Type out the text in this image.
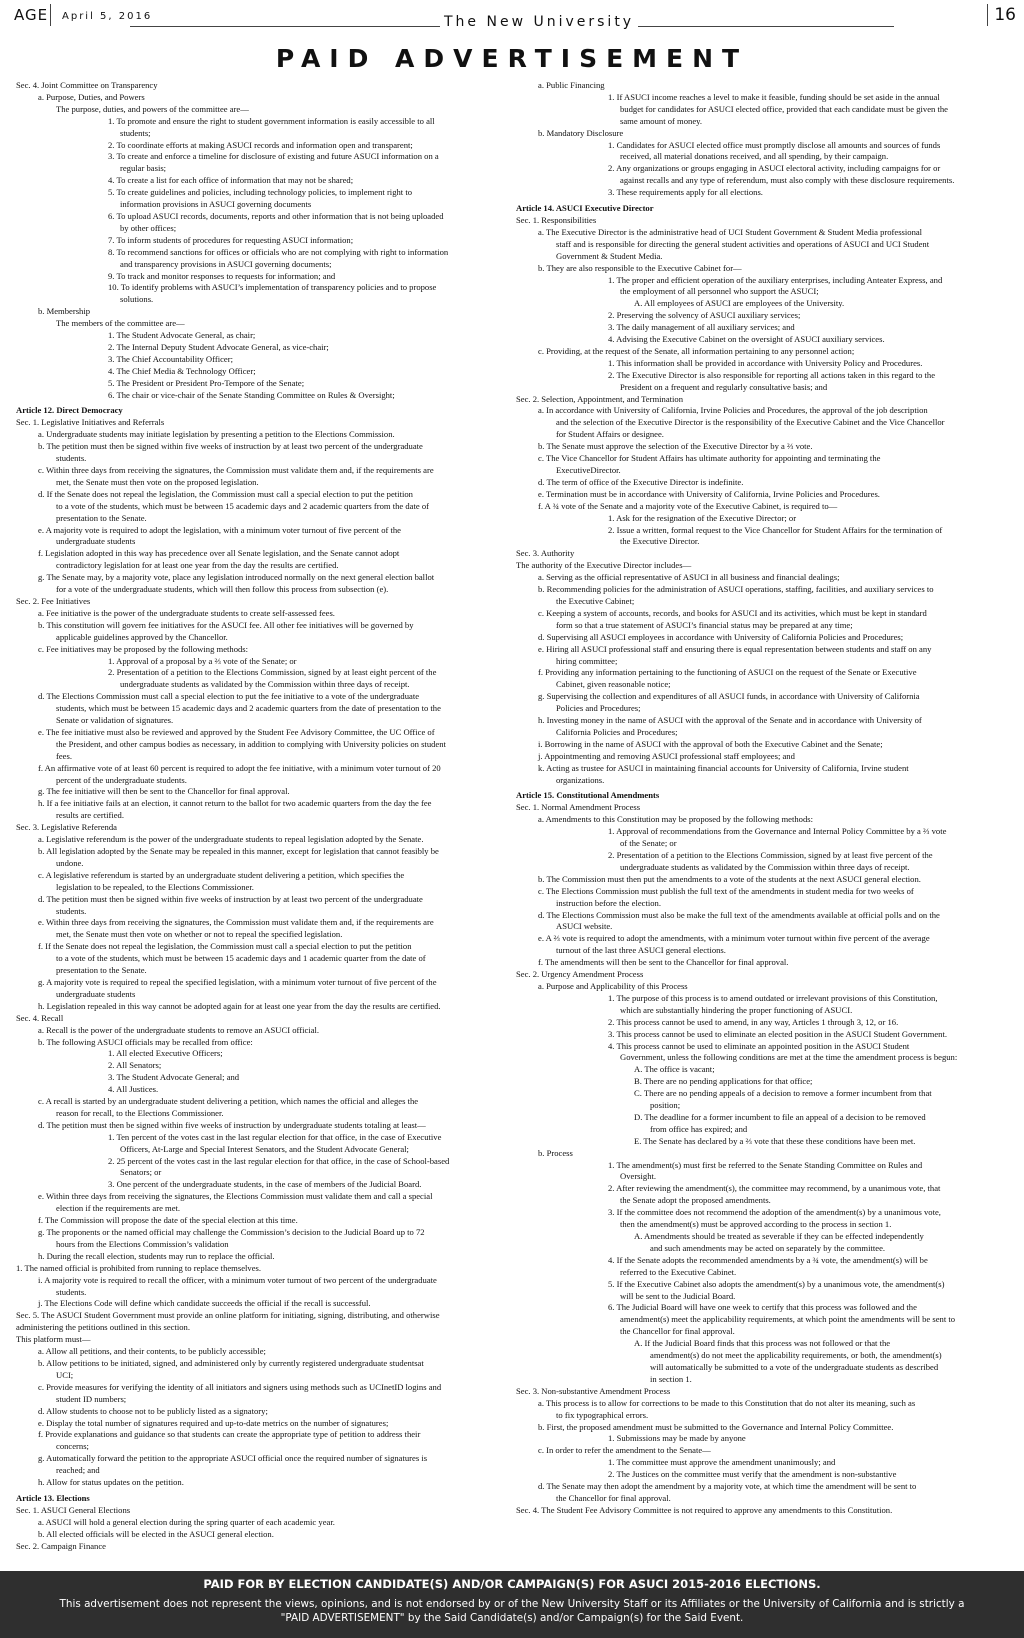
AGE April 5, 2016	The New University	16
PAID ADVERTISEMENT
Sec. 4. Joint Committee on Transparency
a. Purpose, Duties, and Powers
The purpose, duties, and powers of the committee are—
1. To promote and ensure the right to student government information is easily accessible to all
students;
2. To coordinate efforts at making ASUCI records and information open and transparent;
3. To create and enforce a timeline for disclosure of existing and future ASUCI information on a
regular basis;
4. To create a list for each office of information that may not be shared;
5. To create guidelines and policies, including technology policies, to implement right to
information provisions in ASUCI governing documents
6. To upload ASUCI records, documents, reports and other information that is not being uploaded
by other offices;
7. To inform students of procedures for requesting ASUCI information;
8. To recommend sanctions for offices or officials who are not complying with right to information
and transparency provisions in ASUCI governing documents;
9. To track and monitor responses to requests for information; and
10. To identify problems with ASUCI’s implementation of transparency policies and to propose
solutions.
b. Membership
The members of the committee are—
1. The Student Advocate General, as chair;
2. The Internal Deputy Student Advocate General, as vice-chair;
3. The Chief Accountability Officer;
4. The Chief Media & Technology Officer;
5. The President or President Pro-Tempore of the Senate;
6. The chair or vice-chair of the Senate Standing Committee on Rules & Oversight;
Article 12. Direct Democracy
Sec. 1. Legislative Initiatives and Referrals
a. Undergraduate students may initiate legislation by presenting a petition to the Elections Commission.
b. The petition must then be signed within five weeks of instruction by at least two percent of the undergraduate
students.
c. Within three days from receiving the signatures, the Commission must validate them and, if the requirements are
met, the Senate must then vote on the proposed legislation.
d. If the Senate does not repeal the legislation, the Commission must call a special election to put the petition
to a vote of the students, which must be between 15 academic days and 2 academic quarters from the date of
presentation to the Senate.
e. A majority vote is required to adopt the legislation, with a minimum voter turnout of five percent of the
undergraduate students
f. Legislation adopted in this way has precedence over all Senate legislation, and the Senate cannot adopt
contradictory legislation for at least one year from the day the results are certified.
g. The Senate may, by a majority vote, place any legislation introduced normally on the next general election ballot
for a vote of the undergraduate students, which will then follow this process from subsection (e).
Sec. 2. Fee Initiatives
a. Fee initiative is the power of the undergraduate students to create self-assessed fees.
b. This constitution will govern fee initiatives for the ASUCI fee. All other fee initiatives will be governed by
applicable guidelines approved by the Chancellor.
c. Fee initiatives may be proposed by the following methods:
1. Approval of a proposal by a ⅔ vote of the Senate; or
2. Presentation of a petition to the Elections Commission, signed by at least eight percent of the
undergraduate students as validated by the Commission within three days of receipt.
d. The Elections Commission must call a special election to put the fee initiative to a vote of the undergraduate
students, which must be between 15 academic days and 2 academic quarters from the date of presentation to the
Senate or validation of signatures.
e. The fee initiative must also be reviewed and approved by the Student Fee Advisory Committee, the UC Office of
the President, and other campus bodies as necessary, in addition to complying with University policies on student
fees.
f. An affirmative vote of at least 60 percent is required to adopt the fee initiative, with a minimum voter turnout of 20
percent of the undergraduate students.
g. The fee initiative will then be sent to the Chancellor for final approval.
h. If a fee initiative fails at an election, it cannot return to the ballot for two academic quarters from the day the fee
results are certified.
Sec. 3. Legislative Referenda
a. Legislative referendum is the power of the undergraduate students to repeal legislation adopted by the Senate.
b. All legislation adopted by the Senate may be repealed in this manner, except for legislation that cannot feasibly be
undone.
c. A legislative referendum is started by an undergraduate student delivering a petition, which specifies the
legislation to be repealed, to the Elections Commissioner.
d. The petition must then be signed within five weeks of instruction by at least two percent of the undergraduate
students.
e. Within three days from receiving the signatures, the Commission must validate them and, if the requirements are
met, the Senate must then vote on whether or not to repeal the specified legislation.
f. If the Senate does not repeal the legislation, the Commission must call a special election to put the petition
to a vote of the students, which must be between 15 academic days and 1 academic quarter from the date of
presentation to the Senate.
g. A majority vote is required to repeal the specified legislation, with a minimum voter turnout of five percent of the
undergraduate students
h. Legislation repealed in this way cannot be adopted again for at least one year from the day the results are certified.
Sec. 4. Recall
a. Recall is the power of the undergraduate students to remove an ASUCI official.
b. The following ASUCI officials may be recalled from office:
1. All elected Executive Officers;
2. All Senators;
3. The Student Advocate General; and
4. All Justices.
c. A recall is started by an undergraduate student delivering a petition, which names the official and alleges the
reason for recall, to the Elections Commissioner.
d. The petition must then be signed within five weeks of instruction by undergraduate students totaling at least—
1. Ten percent of the votes cast in the last regular election for that office, in the case of Executive
Officers, At-Large and Special Interest Senators, and the Student Advocate General;
2. 25 percent of the votes cast in the last regular election for that office, in the case of School-based
Senators; or
3. One percent of the undergraduate students, in the case of members of the Judicial Board.
e. Within three days from receiving the signatures, the Elections Commission must validate them and call a special
election if the requirements are met.
f. The Commission will propose the date of the special election at this time.
g. The proponents or the named official may challenge the Commission’s decision to the Judicial Board up to 72
hours from the Elections Commission’s validation
h. During the recall election, students may run to replace the official.
1. The named official is prohibited from running to replace themselves.
i. A majority vote is required to recall the officer, with a minimum voter turnout of two percent of the undergraduate
students.
j. The Elections Code will define which candidate succeeds the official if the recall is successful.
Sec. 5. The ASUCI Student Government must provide an online platform for initiating, signing, distributing, and otherwise
administering the petitions outlined in this section.
This platform must—
a. Allow all petitions, and their contents, to be publicly accessible;
b. Allow petitions to be initiated, signed, and administered only by currently registered undergraduate studentsat
UCI;
c. Provide measures for verifying the identity of all initiators and signers using methods such as UCInetID logins and
student ID numbers;
d. Allow students to choose not to be publicly listed as a signatory;
e. Display the total number of signatures required and up-to-date metrics on the number of signatures;
f. Provide explanations and guidance so that students can create the appropriate type of petition to address their
concerns;
g. Automatically forward the petition to the appropriate ASUCI official once the required number of signatures is
reached; and
h. Allow for status updates on the petition.
Article 13. Elections
Sec. 1. ASUCI General Elections
a. ASUCI will hold a general election during the spring quarter of each academic year.
b. All elected officials will be elected in the ASUCI general election.
Sec. 2. Campaign Finance
a. Public Financing
1. If ASUCI income reaches a level to make it feasible, funding should be set aside in the annual
budget for candidates for ASUCI elected office, provided that each candidate must be given the
same amount of money.
b. Mandatory Disclosure
1. Candidates for ASUCI elected office must promptly disclose all amounts and sources of funds
received, all material donations received, and all spending, by their campaign.
2. Any organizations or groups engaging in ASUCI electoral activity, including campaigns for or
against recalls and any type of referendum, must also comply with these disclosure requirements.
3. These requirements apply for all elections.
Article 14. ASUCI Executive Director
Sec. 1. Responsibilities
a. The Executive Director is the administrative head of UCI Student Government & Student Media professional
staff and is responsible for directing the general student activities and operations of ASUCI and UCI Student
Government & Student Media.
b. They are also responsible to the Executive Cabinet for—
1. The proper and efficient operation of the auxiliary enterprises, including Anteater Express, and
the employment of all personnel who support the ASUCI;
A. All employees of ASUCI are employees of the University.
2. Preserving the solvency of ASUCI auxiliary services;
3. The daily management of all auxiliary services; and
4. Advising the Executive Cabinet on the oversight of ASUCI auxiliary services.
c. Providing, at the request of the Senate, all information pertaining to any personnel action;
1. This information shall be provided in accordance with University Policy and Procedures.
2. The Executive Director is also responsible for reporting all actions taken in this regard to the
President on a frequent and regularly consultative basis; and
Sec. 2. Selection, Appointment, and Termination
a. In accordance with University of California, Irvine Policies and Procedures, the approval of the job description
and the selection of the Executive Director is the responsibility of the Executive Cabinet and the Vice Chancellor
for Student Affairs or designee.
b. The Senate must approve the selection of the Executive Director by a ⅔ vote.
c. The Vice Chancellor for Student Affairs has ultimate authority for appointing and terminating the
ExecutiveDirector.
d. The term of office of the Executive Director is indefinite.
e. Termination must be in accordance with University of California, Irvine Policies and Procedures.
f. A ¾ vote of the Senate and a majority vote of the Executive Cabinet, is required to—
1. Ask for the resignation of the Executive Director; or
2. Issue a written, formal request to the Vice Chancellor for Student Affairs for the termination of
the Executive Director.
Sec. 3. Authority
The authority of the Executive Director includes—
a. Serving as the official representative of ASUCI in all business and financial dealings;
b. Recommending policies for the administration of ASUCI operations, staffing, facilities, and auxiliary services to
the Executive Cabinet;
c. Keeping a system of accounts, records, and books for ASUCI and its activities, which must be kept in standard
form so that a true statement of ASUCI’s financial status may be prepared at any time;
d. Supervising all ASUCI employees in accordance with University of California Policies and Procedures;
e. Hiring all ASUCI professional staff and ensuring there is equal representation between students and staff on any
hiring committee;
f. Providing any information pertaining to the functioning of ASUCI on the request of the Senate or Executive
Cabinet, given reasonable notice;
g. Supervising the collection and expenditures of all ASUCI funds, in accordance with University of California
Policies and Procedures;
h. Investing money in the name of ASUCI with the approval of the Senate and in accordance with University of
California Policies and Procedures;
i. Borrowing in the name of ASUCI with the approval of both the Executive Cabinet and the Senate;
j. Appointmenting and removing ASUCI professional staff employees; and
k. Acting as trustee for ASUCI in maintaining financial accounts for University of California, Irvine student
organizations.
Article 15. Constitutional Amendments
Sec. 1. Normal Amendment Process
a. Amendments to this Constitution may be proposed by the following methods:
1. Approval of recommendations from the Governance and Internal Policy Committee by a ⅔ vote
of the Senate; or
2. Presentation of a petition to the Elections Commission, signed by at least five percent of the
undergraduate students as validated by the Commission within three days of receipt.
b. The Commission must then put the amendments to a vote of the students at the next ASUCI general election.
c. The Elections Commission must publish the full text of the amendments in student media for two weeks of
instruction before the election.
d. The Elections Commission must also be make the full text of the amendments available at official polls and on the
ASUCI website.
e. A ⅔ vote is required to adopt the amendments, with a minimum voter turnout within five percent of the average
turnout of the last three ASUCI general elections.
f. The amendments will then be sent to the Chancellor for final approval.
Sec. 2. Urgency Amendment Process
a. Purpose and Applicability of this Process
1. The purpose of this process is to amend outdated or irrelevant provisions of this Constitution,
which are substantially hindering the proper functioning of ASUCI.
2. This process cannot be used to amend, in any way, Articles 1 through 3, 12, or 16.
3. This process cannot be used to eliminate an elected position in the ASUCI Student Government.
4. This process cannot be used to eliminate an appointed position in the ASUCI Student
Government, unless the following conditions are met at the time the amendment process is begun:
A. The office is vacant;
B. There are no pending applications for that office;
C. There are no pending appeals of a decision to remove a former incumbent from that
position;
D. The deadline for a former incumbent to file an appeal of a decision to be removed
from office has expired; and
E. The Senate has declared by a ⅔ vote that these these conditions have been met.
b. Process
1. The amendment(s) must first be referred to the Senate Standing Committee on Rules and
Oversight.
2. After reviewing the amendment(s), the committee may recommend, by a unanimous vote, that
the Senate adopt the proposed amendments.
3. If the committee does not recommend the adoption of the amendment(s) by a unanimous vote,
then the amendment(s) must be approved according to the process in section 1.
A. Amendments should be treated as severable if they can be effected independently
and such amendments may be acted on separately by the committee.
4. If the Senate adopts the recommended amendments by a ¾ vote, the amendment(s) will be
referred to the Executive Cabinet.
5. If the Executive Cabinet also adopts the amendment(s) by a unanimous vote, the amendment(s)
will be sent to the Judicial Board.
6. The Judicial Board will have one week to certify that this process was followed and the
amendment(s) meet the applicability requirements, at which point the amendments will be sent to
the Chancellor for final approval.
A. If the Judicial Board finds that this process was not followed or that the
amendment(s) do not meet the applicability requirements, or both, the amendment(s)
will automatically be submitted to a vote of the undergraduate students as described
in section 1.
Sec. 3. Non-substantive Amendment Process
a. This process is to allow for corrections to be made to this Constitution that do not alter its meaning, such as
to fix typographical errors.
b. First, the proposed amendment must be submitted to the Governance and Internal Policy Committee.
1. Submissions may be made by anyone
c. In order to refer the amendment to the Senate—
1. The committee must approve the amendment unanimously; and
2. The Justices on the committee must verify that the amendment is non-substantive
d. The Senate may then adopt the amendment by a majority vote, at which time the amendment will be sent to
the Chancellor for final approval.
Sec. 4. The Student Fee Advisory Committee is not required to approve any amendments to this Constitution.
PAID FOR BY ELECTION CANDIDATE(S) AND/OR CAMPAIGN(S) FOR ASUCI 2015-2016 ELECTIONS.
This advertisement does not represent the views, opinions, and is not endorsed by or of the New University Staff or its Affiliates or the University of California and is strictly a
"PAID ADVERTISEMENT" by the Said Candidate(s) and/or Campaign(s) for the Said Event.
